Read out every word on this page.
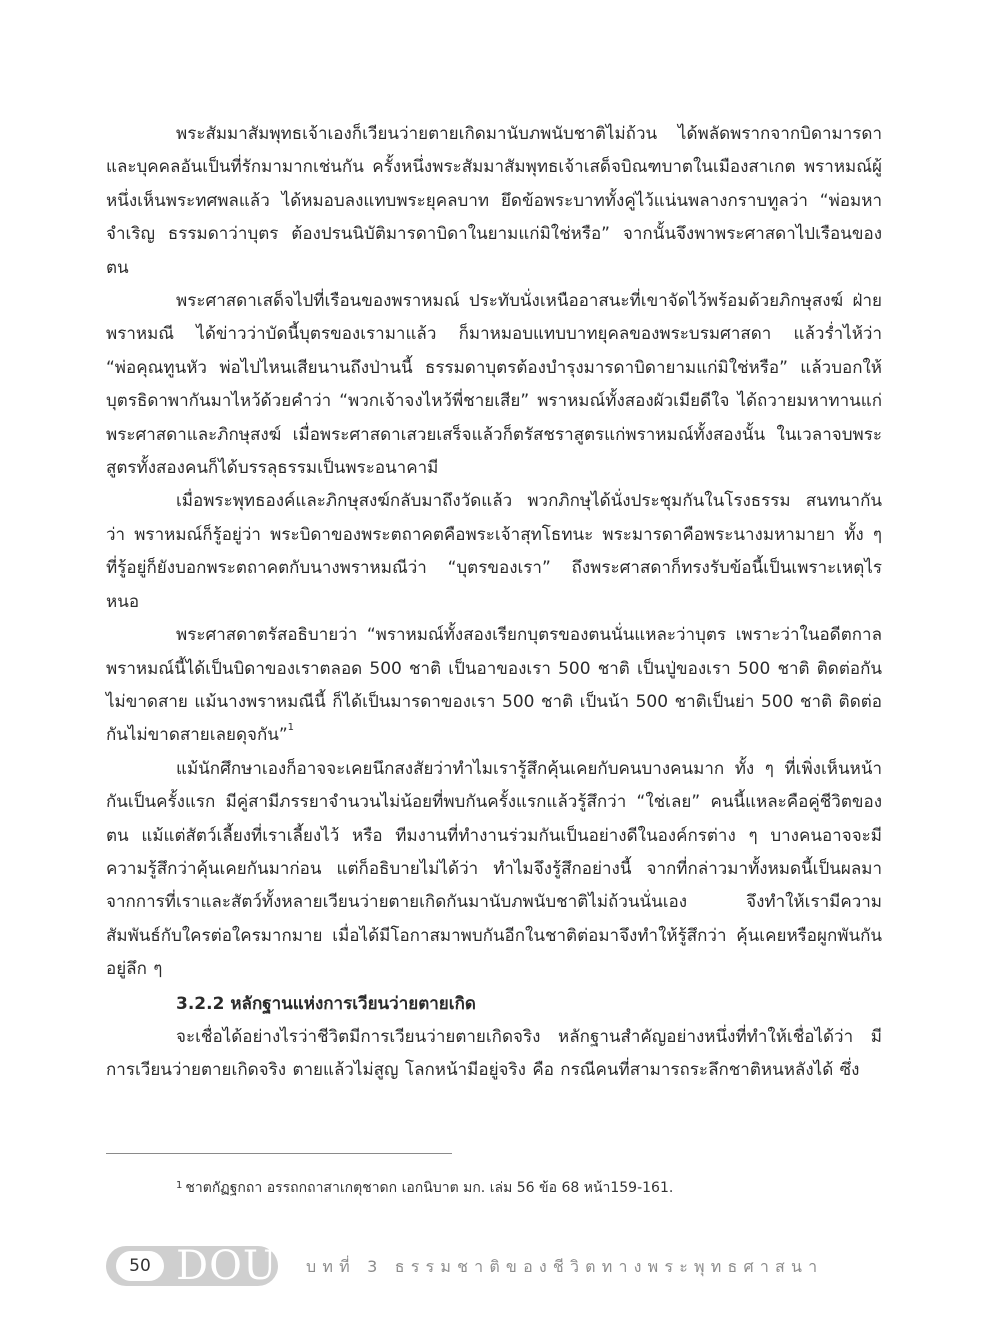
พระสัมมาสัมพุทธเจ้าเองก็เวียนว่ายตายเกิดมานับภพนับชาติไม่ถ้วน ได้พลัดพรากจากบิดามารดาและบุคคลอันเป็นที่รักมามากเช่นกัน ครั้งหนึ่งพระสัมมาสัมพุทธเจ้าเสด็จบิณฑบาตในเมืองสาเกต พราหมณ์ผู้หนึ่งเห็นพระทศพลแล้ว ได้หมอบลงแทบพระยุคลบาท ยึดข้อพระบาททั้งคู่ไว้แน่นพลางกราบทูลว่า “พ่อมหาจำเริญ ธรรมดาว่าบุตร ต้องปรนนิบัติมารดาบิดาในยามแก่มิใช่หรือ” จากนั้นจึงพาพระศาสดาไปเรือนของตน

พระศาสดาเสด็จไปที่เรือนของพราหมณ์ ประทับนั่งเหนืออาสนะที่เขาจัดไว้พร้อมด้วยภิกษุสงฆ์ ฝ่ายพราหมณี ได้ข่าวว่าบัดนี้บุตรของเรามาแล้ว ก็มาหมอบแทบบาทยุคลของพระบรมศาสดา แล้วร่ำไห้ว่า “พ่อคุณทูนหัว พ่อไปไหนเสียนานถึงป่านนี้ ธรรมดาบุตรต้องบำรุงมารดาบิดายามแก่มิใช่หรือ” แล้วบอกให้บุตรธิดาพากันมาไหว้ด้วยคำว่า “พวกเจ้าจงไหว้พี่ชายเสีย” พราหมณ์ทั้งสองผัวเมียดีใจ ได้ถวายมหาทานแก่พระศาสดาและภิกษุสงฆ์ เมื่อพระศาสดาเสวยเสร็จแล้วก็ตรัสชราสูตรแก่พราหมณ์ทั้งสองนั้น ในเวลาจบพระสูตรทั้งสองคนก็ได้บรรลุธรรมเป็นพระอนาคามี

เมื่อพระพุทธองค์และภิกษุสงฆ์กลับมาถึงวัดแล้ว พวกภิกษุได้นั่งประชุมกันในโรงธรรม สนทนากันว่า พราหมณ์ก็รู้อยู่ว่า พระบิดาของพระตถาคตคือพระเจ้าสุทโธทนะ พระมารดาคือพระนางมหามายา ทั้ง ๆ ที่รู้อยู่ก็ยังบอกพระตถาคตกับนางพราหมณีว่า “บุตรของเรา” ถึงพระศาสดาก็ทรงรับข้อนี้เป็นเพราะเหตุไรหนอ

พระศาสดาตรัสอธิบายว่า “พราหมณ์ทั้งสองเรียกบุตรของตนนั่นแหละว่าบุตร เพราะว่าในอดีตกาลพราหมณ์นี้ได้เป็นบิดาของเราตลอด 500 ชาติ เป็นอาของเรา 500 ชาติ เป็นปู่ของเรา 500 ชาติ ติดต่อกันไม่ขาดสาย แม้นางพราหมณีนี้ ก็ได้เป็นมารดาของเรา 500 ชาติ เป็นน้า 500 ชาติเป็นย่า 500 ชาติ ติดต่อกันไม่ขาดสายเลยดุจกัน”$^1$

แม้นักศึกษาเองก็อาจจะเคยนึกสงสัยว่าทำไมเรารู้สึกคุ้นเคยกับคนบางคนมาก ทั้ง ๆ ที่เพิ่งเห็นหน้ากันเป็นครั้งแรก มีคู่สามีภรรยาจำนวนไม่น้อยที่พบกันครั้งแรกแล้วรู้สึกว่า “ใช่เลย” คนนี้แหละคือคู่ชีวิตของตน แม้แต่สัตว์เลี้ยงที่เราเลี้ยงไว้ หรือ ทีมงานที่ทำงานร่วมกันเป็นอย่างดีในองค์กรต่าง ๆ บางคนอาจจะมีความรู้สึกว่าคุ้นเคยกันมาก่อน แต่ก็อธิบายไม่ได้ว่า ทำไมจึงรู้สึกอย่างนี้ จากที่กล่าวมาทั้งหมดนี้เป็นผลมาจากการที่เราและสัตว์ทั้งหลายเวียนว่ายตายเกิดกันมานับภพนับชาติไม่ถ้วนนั่นเอง จึงทำให้เรามีความสัมพันธ์กับใครต่อใครมากมาย เมื่อได้มีโอกาสมาพบกันอีกในชาติต่อมาจึงทำให้รู้สึกว่า คุ้นเคยหรือผูกพันกันอยู่ลึก ๆ

3.2.2 หลักฐานแห่งการเวียนว่ายตายเกิด

จะเชื่อได้อย่างไรว่าชีวิตมีการเวียนว่ายตายเกิดจริง หลักฐานสำคัญอย่างหนึ่งที่ทำให้เชื่อได้ว่า มีการเวียนว่ายตายเกิดจริง ตายแล้วไม่สูญ โลกหน้ามีอยู่จริง คือ กรณีคนที่สามารถระลึกชาติหนหลังได้ ซึ่ง

$^1$ ชาตกัฏฐกถา อรรถกถาสาเกตุชาดก เอกนิบาต มก. เล่ม 56 ข้อ 68 หน้า159-161.
50 DOU บทที่ 3 ธรรมชาติของชีวิตทางพระพุทธศาสนา
